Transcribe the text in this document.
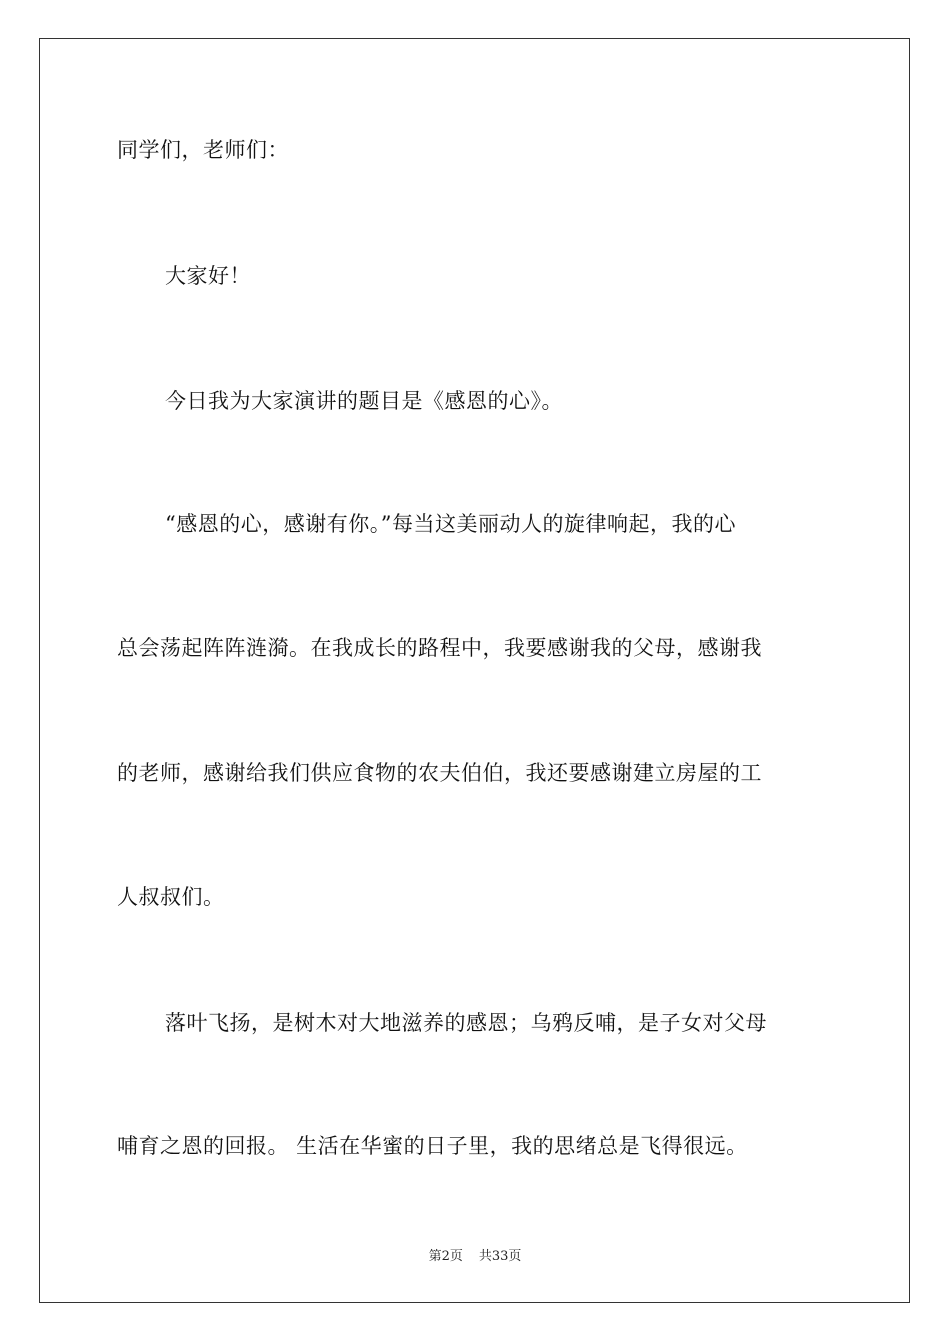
同学们，老师们：
大家好！
今日我为大家演讲的题目是《感恩的心》。
“感恩的心，感谢有你。”每当这美丽动人的旋律响起，我的心
总会荡起阵阵涟漪。在我成长的路程中，我要感谢我的父母，感谢我
的老师，感谢给我们供应食物的农夫伯伯，我还要感谢建立房屋的工
人叔叔们。
落叶飞扬，是树木对大地滋养的感恩；乌鸦反哺，是子女对父母
哺育之恩的回报。 生活在华蜜的日子里，我的思绪总是飞得很远。
第2页 共33页
